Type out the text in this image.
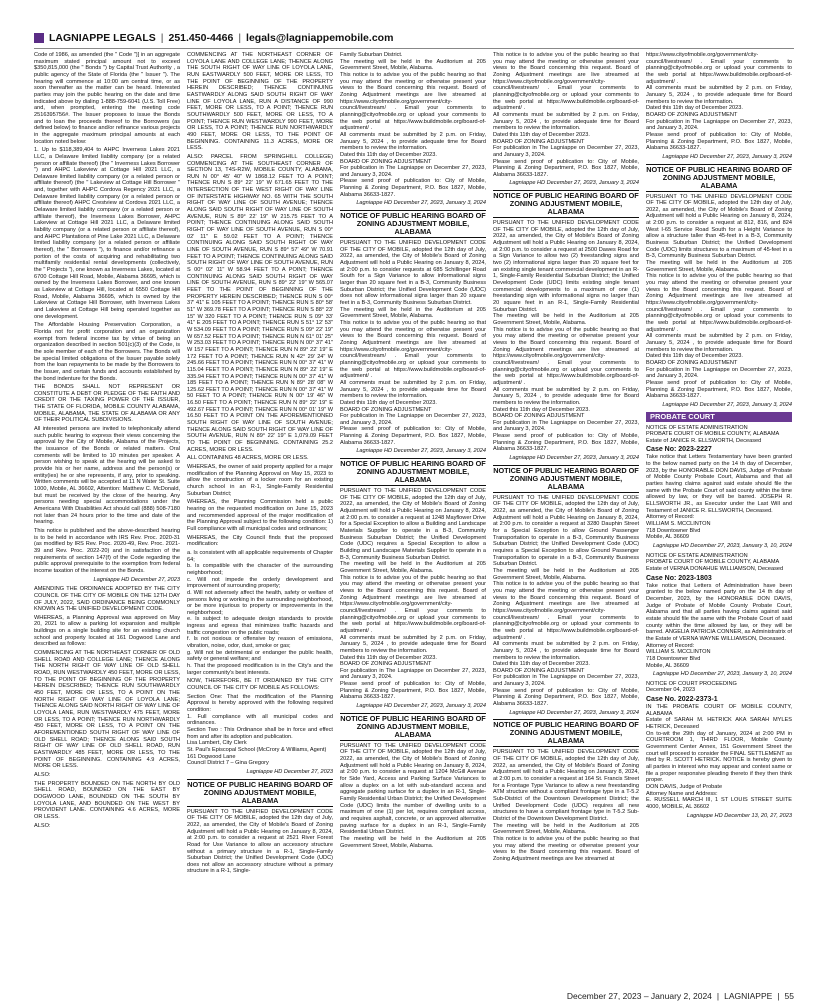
LAGNIAPPE LEGALS | 251.450-4466 | legals@lagniappemobile.com

Code of 1986, as amended (the " Code ")] in an aggregate maximum stated principal amount not to exceed $350,815,000 (the " Bonds ") by Capital Trust Authority , a public agency of the State of Florida (the " Issuer "). The hearing will commence at 10:00 am central time, or as soon thereafter as the matter can be heard. Interested parties may join the public hearing on the date and time indicated above by dialing 1-888-759-6041 (U.S. Toll Free) and, when prompted, entering the meeting code 2516395756#. The Issuer proposes to issue the Bonds and to loan the proceeds thereof to the Borrowers (as defined below) to finance and/or refinance various projects in the aggregate maximum principal amounts at each location noted below:

1. Up to $118,389,404 to AHPC Inverness Lakes 2021 LLC, a Delaware limited liability company (or a related person or affiliate thereof) (the " Inverness Lakes Borrower ") and AHPC Lakeview at Cottage Hill 2021 LLC, a Delaware limited liability company (or a related person or affiliate thereof) (the " Lakeview at Cottage Hill Borrower " and, together with AHPC Cordova Regency 2021 LLC, a Delaware limited liability company (or a related person or affiliate thereof) AHPC Crestview at Cordova 2021 LLC, a Delaware limited liability company (or a related person or affiliate thereof), the Inverness Lakes Borrower, AHPC Lakeview at Cottage Hill 2021 LLC, a Delaware limited liability company (or a related person or affiliate thereof), and AHPC Plantations of Pine Lake 2021 LLC, a Delaware limited liability company (or a related person or affiliate thereof), the " Borrowers "), to finance and/or refinance a portion of the costs of acquiring and rehabilitating two multifamily residential rental developments (collectively, the " Projects "), one known as Inverness Lakes, located at 6700 Cottage Hill Road, Mobile, Alabama 36695, which is owned by the Inverness Lakes Borrower, and one known as Lakeview at Cottage Hill, located at 6550 Cottage Hill Road, Mobile, Alabama 36695, which is owned by the Lakeview at Cottage Hill Borrower, with Inverness Lakes and Lakeview at Cottage Hill being operated together as one development.

The Affordable Housing Preservation Corporation, a Florida not for profit corporation and an organization exempt from federal income tax by virtue of being an organization described in section 501(c)(3) of the Code, is the sole member of each of the Borrowers. The Bonds will be special limited obligations of the Issuer payable solely from the loan repayments to be made by the Borrowers to the Issuer, and certain funds and accounts established by the bond indenture for the Bonds.

THE BONDS SHALL NOT REPRESENT OR CONSTITUTE A DEBT OR PLEDGE OF THE FAITH AND CREDIT OR THE TAXING POWER OF THE ISSUER, THE STATE OF FLORIDA, MOBILE COUNTY ALABAMA, MOBILE, ALABAMA, THE STATE OF ALABAMA OR ANY OF THEIR POLITICAL SUBDIVISIONS.

All interested persons are invited to telephonically attend such public hearing to express their views concerning the approval by the City of Mobile, Alabama of the Projects, the issuance of the Bonds or related matters. Oral comments will be limited to 10 minutes per speaker. A person wishing to speak at the hearing will be asked to provide his or her name, address and the person(s) or entity(ies) he or she represents, if any, prior to speaking. Written comments will be accepted at 11 N Water St. Suite 1000, Mobile, AL 36602, Attention: Matthew C. McDonald, but must be received by the close of the hearing. Any persons needing special accommodations under the Americans With Disabilities Act should call (888) 508-7180 not later than 24 hours prior to the time and date of the hearing.

This notice is published and the above-described hearing is to be held in accordance with IRS Rev. Proc. 2020-31 (as modified by IRS Rev. Proc. 2020-49, Rev. Proc. 2021-39 and Rev. Proc. 2022-20) and in satisfaction of the requirements of section 147(f) of the Code regarding the public approval prerequisite to the exemption from federal income taxation of the interest on the Bonds.

Lagniappe HD December 27, 2023

AMENDING THE ORDINANCE ADOPTED BY THE CITY COUNCIL OF THE CITY OF MOBILE ON THE 12TH DAY OF JULY, 2022, SAID ORDINANCE BEING COMMONLY KNOWN AS THE UNIFIED DEVELOPMENT CODE.

WHEREAS, a Planning Approval was approved on May 20, 2021 to allow a parking lot expansion and multiple buildings on a single building site for an existing church school and property located at 161 Dogwood Lane and described as follows:

COMMENCING AT THE NORTHEAST CORNER OF OLD SHELL ROAD AND COLLEGE LANE; THENCE ALONG THE NORTH RIGHT OF WAY LINE OF OLD SHELL ROAD, RUN WESTWARDLY 450 FEET, MORE OR LESS, TO THE POINT OF BEGINNING OF THE PROPERTY HEREIN DESCRIBED; THENCE RUN SOUTHWARDLY 450 FEET, MORE OR LESS, TO A POINT ON THE NORTH RIGHT OF WAY LINE OF LOYOLA LANE; THENCE ALONG SAID NORTH RIGHT OF WAY LINE OF LOYOLA LANE, RUN WESTWARDLY 475 FEET, MORE OR LESS, TO A POINT; THENCE RUN NORTHWARDLY 450 FEET, MORE OR LESS, TO A POINT ON THE AFOREMENTIONED SOUTH RIGHT OF WAY LINE OF OLD SHELL ROAD; THENCE ALONG SAID SOUTH RIGHT OF WAY LINE OF OLD SHELL ROAD, RUN EASTWARDLY 485 FEET, MORE OR LESS, TO THE POINT OF BEGINNING. CONTAINING 4.9 ACRES, MORE OR LESS.

ALSO:

THE PROPERTY BOUNDED ON THE NORTH BY OLD SHELL ROAD, BOUNDED ON THE EAST BY DOGWOOD LANE, BOUNDED ON THE SOUTH BY LOYOLA LANE, AND BOUNDED ON THE WEST BY PROVIDENT LANE. CONTAINING 4.6 ACRES, MORE OR LESS.

ALSO:

COMMENCING AT THE NORTHEAST CORNER OF LOYOLA LANE AND COLLEGE LANE; THENCE ALONG THE SOUTH RIGHT OF WAY LINE OF LOYOLA LANE, RUN EASTWARDLY 500 FEET, MORE OR LESS, TO THE POINT OF BEGINNING OF THE PROPERTY HEREIN DESCRIBED; THENCE CONTINUING EASTWARDLY ALONG SAID SOUTH RIGHT OF WAY LINE OF LOYOLA LANE, RUN A DISTANCE OF 990 FEET, MORE OR LESS, TO A POINT; THENCE RUN SOUTHWARDLY 500 FEET, MORE OR LESS, TO A POINT; THENCE RUN WESTWARDLY 990 FEET, MORE OR LESS, TO A POINT; THENCE RUN NORTHWARDLY 490 FEET, MORE OR LESS, TO THE POINT OF BEGINNING. CONTAINING 11.3 ACRES, MORE OR LESS.

ALSO: PARCEL FROM SPRINGHILL COLLEGE) COMMENCING AT THE SOUTHEAST CORNER OF SECTION 13, T4S-R2W, MOBILE COUNTY, ALABAMA, RUN N 00° 45' 40" W 1868.12 FEET TO A POINT; THENCE RUN S 89° 22' 19" W 671.65 FEET TO THE INTERSECTION OF THE WEST RIGHT OF WAY LINE OF INTERSTATE HIGHWAY NO. 65 WITH THE SOUTH RIGHT OF WAY LINE OF SOUTH AVENUE; THENCE ALONG SAID SOUTH RIGHT OF WAY LINE OF SOUTH AVENUE, RUN S 89° 22' 19" W 215.75 FEET TO A POINT; THENCE CONTINUING ALONG SAID SOUTH RIGHT OF WAY LINE OF SOUTH AVENUE, RUN S 00° 02' 11" E 59.02 FEET TO A POINT; THENCE CONTINUING ALONG SAID SOUTH RIGHT OF WAY LINE OF SOUTH AVENUE, RUN S 89° 57' 49" W 70.91 FEET TO A POINT; THENCE CONTINUING ALONG SAID SOUTH RIGHT OF WAY LINE OF SOUTH AVENUE, RUN S 00° 02' 11" W 58.94 FEET TO A POINT; THENCE CONTINUING ALONG SAID SOUTH RIGHT OF WAY LINE OF SOUTH AVENUE, RUN S 89° 22' 19" W 565.07 FEET TO THE POINT OF BEGINNING OF THE PROPERTY HEREIN DESCRIBED; THENCE RUN S 00° 37' 41" E 105 FEET TO A POINT; THENCE RUN S 80° 58' 51" W 369.78 FEET TO A POINT; THENCE RUN S 88° 23' 15" W 320 FEET TO A POINT; THENCE RUN S 09° 33' 41" E 205 FEET TO A POINT; THENCE RUN S 51° 12' 53" W 534.09 FEET TO A POINT; THENCE RUN S 09° 22' 19" W 657.52 FEET TO A POINT; THENCE RUN N 61° 01' 25" W 253.03 FEET TO A POINT; THENCE RUN N 00° 37' 41" W 157 FEET TO A POINT; THENCE RUN N 89° 22' 19" E 172 FEET TO A POINT; THENCE RUN N 42° 29' 24" W 245.66 FEET TO A POINT; THENCE RUN N 00° 37' 41" W 115.04 FEET TO A POINT; THENCE RUN N 89° 22' 19" E 335.94 FEET TO A POINT; THENCE RUN N 00° 37' 41" W 185 FEET TO A POINT; THENCE RUN N 89° 28' 08" W 125.62 FEET TO A POINT; THENCE RUN N 00° 37' 41" W 50 FEET TO A POINT; THENCE RUN N 00° 19' 46" W 16.50 FEET TO A POINT; THENCE RUN N 89° 22' 19" E 492.67 FEET TO A POINT; THENCE RUN N 00° 01' 19" W 16.50 FEET TO A POINT ON THE AFOREMENTIONED SOUTH RIGHT OF WAY LINE OF SOUTH AVENUE; THENCE ALONG SAID SOUTH RIGHT OF WAY LINE OF SOUTH AVENUE, RUN N 89° 22' 19" E 1,079.09 FEET TO THE POINT OF BEGINNING. CONTAINING 25.2 ACRES, MORE OR LESS.

ALL CONTAINING 48 ACRES, MORE OR LESS.

WHEREAS, the owner of said property applied for a major modification of the Planning Approval on May 15, 2023 to allow the construction of a locker room for an existing church school in an R-1, Single-Family Residential Suburban District;

WHEREAS, the Planning Commission held a public hearing on the requested modification on June 15, 2023 and recommended approval of the major modification of the Planning Approval subject to the following condition: 1) Full compliance with all municipal codes and ordinances;

WHEREAS, the City Council finds that the proposed modification:

a. Is consistent with all applicable requirements of Chapter 64;
b. Is compatible with the character of the surrounding neighborhood;
c. Will not impede the orderly development and improvement of surrounding property;
d. Will not adversely affect the health, safety or welfare of persons living or working in the surrounding neighborhood, or be more injurious to property or improvements in the neighborhood;
e. Is subject to adequate design standards to provide ingress and egress that minimizes traffic hazards and traffic congestion on the public roads;
f. Is not noxious or offensive by reason of emissions, vibration, noise, odor, dust, smoke or gas;
g. Will not be detrimental or endanger the public health, safety or general welfare; and
h. That the proposed modification is in the City's and the larger community's best interests.

NOW, THEREFORE, BE IT ORDAINED BY THE CITY COUNCIL OF THE CITY OF MOBILE AS FOLLOWS:

Section One: That the modification of the Planning Approval is hereby approved with the following required condition:
1. Full compliance with all municipal codes and ordinances.
Section Two : This Ordinance shall be in force and effect from and after its adoption and publication.
Lisa Lambert, City Clerk
St. Paul's Episcopal School (McCrory & Williams, Agent)
161 Dogwood Lane
Council District 7 – Gina Gregory

Lagniappe HD December 27, 2023

NOTICE OF PUBLIC HEARING BOARD OF ZONING ADJUSTMENT MOBILE, ALABAMA

PURSUANT TO THE UNIFIED DEVELOPMENT CODE OF THE CITY OF MOBILE, adopted the 12th day of July, 2022, as amended, the City of Mobile's Board of Zoning Adjustment will hold a Public Hearing on January 8, 2024, at 2:00 p.m. to consider a request at 2521 River Forest Road for Use Variance to allow an accessory structure without a primary structure in a R-1, Single-Family Suburban District; the Unified Development Code (UDC) does not allow an accessory structure without a primary structure in a R-1, Single-

Family Suburban District.
The meeting will be held in the Auditorium at 205 Government Street, Mobile, Alabama.
This notice is to advise you of the public hearing so that you may attend the meeting or otherwise present your views to the Board concerning this request. Board of Zoning Adjustment meetings are live streamed at https://www.cityofmobile.org/government/city-council/livestream/ . Email your comments to planning@cityofmobile.org or upload your comments to the web portal at https://www.buildmobile.org/board-of-adjustment/ .
All comments must be submitted by 2 p.m. on Friday, January 5, 2024 , to provide adequate time for Board members to review the information.
Dated this 11th day of December 2023.
BOARD OF ZONING ADJUSTMENT
For publication in The Lagniappe on December 27, 2023, and January 3, 2024.
Please send proof of publication to: City of Mobile, Planning & Zoning Department, P.O. Box 1827, Mobile, Alabama 36633-1827.

Lagniappe HD December 27, 2023, January 3, 2024

NOTICE OF PUBLIC HEARING BOARD OF ZONING ADJUSTMENT MOBILE, ALABAMA

PURSUANT TO THE UNIFIED DEVELOPMENT CODE OF THE CITY OF MOBILE, adopted the 12th day of July, 2022, as amended, the City of Mobile's Board of Zoning Adjustment will hold a Public Hearing on January 8, 2024, at 2:00 p.m. to consider requests at 685 Schillinger Road South for a Sign Variance to allow informational signs larger than 20 square feet in a B-3, Community Business Suburban District; the Unified Development Code (UDC) does not allow informational signs larger than 20 square feet in a B-3, Community Business Suburban District.
The meeting will be held in the Auditorium at 205 Government Street, Mobile, Alabama.
This notice is to advise you of the public hearing so that you may attend the meeting or otherwise present your views to the Board concerning this request. Board of Zoning Adjustment meetings are live streamed at https://www.cityofmobile.org/government/city-council/livestream/ . Email your comments to planning@cityofmobile.org or upload your comments to the web portal at https://www.buildmobile.org/board-of-adjustment/ .
All comments must be submitted by 2 p.m. on Friday, January 5, 2024 , to provide adequate time for Board members to review the information.
Dated this 11th day of December 2023.
BOARD OF ZONING ADJUSTMENT
For publication in The Lagniappe on December 27, 2023, and January 3, 2024.
Please send proof of publication to: City of Mobile, Planning & Zoning Department, P.O. Box 1827, Mobile, Alabama 36633-1827.

Lagniappe HD December 27, 2023, January 3, 2024

NOTICE OF PUBLIC HEARING BOARD OF ZONING ADJUSTMENT MOBILE, ALABAMA

PURSUANT TO THE UNIFIED DEVELOPMENT CODE OF THE CITY OF MOBILE, adopted the 12th day of July, 2022, as amended, the City of Mobile's Board of Zoning Adjustment will hold a Public Hearing on January 8, 2024, at 2:00 p.m. to consider a request at 1248 Mayflower Drive for a Special Exception to allow a Building and Landscape Materials Supplier to operate in a B-3, Community Business Suburban District; the Unified Development Code (UDC) requires a Special Exception to allow a Building and Landscape Materials Supplier to operate in a B-3, Community Business Suburban District.
The meeting will be held in the Auditorium at 205 Government Street, Mobile, Alabama.
This notice is to advise you of the public hearing so that you may attend the meeting or otherwise present your views to the Board concerning this request. Board of Zoning Adjustment meetings are live streamed at https://www.cityofmobile.org/government/city-council/livestream/ . Email your comments to planning@cityofmobile.org or upload your comments to the web portal at https://www.buildmobile.org/board-of-adjustment/ .
All comments must be submitted by 2 p.m. on Friday, January 5, 2024 , to provide adequate time for Board members to review the information.
Dated this 11th day of December 2023.
BOARD OF ZONING ADJUSTMENT
For publication in The Lagniappe on December 27, 2023, and January 3, 2024.
Please send proof of publication to: City of Mobile, Planning & Zoning Department, P.O. Box 1827, Mobile, Alabama 36633-1827.

Lagniappe HD December 27, 2023, January 3, 2024

NOTICE OF PUBLIC HEARING BOARD OF ZONING ADJUSTMENT MOBILE, ALABAMA

PURSUANT TO THE UNIFIED DEVELOPMENT CODE OF THE CITY OF MOBILE, adopted the 12th day of July, 2022, as amended, the City of Mobile's Board of Zoning Adjustment will hold a Public Hearing on January 8, 2024, at 2:00 p.m. to consider a request at 1204 McGill Avenue for Side Yard, Access and Parking Surface Variances to allow a duplex on a lot with sub-standard access and aggregate parking surface for a duplex in an R-1, Single-Family Residential Urban District; the Unified Development Code (UDC) limits the number of dwelling units to a maximum of one (1) per lot, requires compliant access, and requires asphalt, concrete, or an approved alternative paving surface for a duplex in an R-1, Single-Family Residential Urban District.
The meeting will be held in the Auditorium at 205 Government Street, Mobile, Alabama.

This notice is to advise you of the public hearing so that you may attend the meeting or otherwise present your views to the Board concerning this request. Board of Zoning Adjustment meetings are live streamed at https://www.cityofmobile.org/government/city-council/livestream/ . Email your comments to planning@cityofmobile.org or upload your comments to the web portal at https://www.buildmobile.org/board-of-adjustment/ .
All comments must be submitted by 2 p.m. on Friday, January 5, 2024 , to provide adequate time for Board members to review the information.
Dated this 11th day of December 2023.
BOARD OF ZONING ADJUSTMENT
For publication in The Lagniappe on December 27, 2023, and January 3, 2024.
Please send proof of publication to: City of Mobile, Planning & Zoning Department, P.O. Box 1827, Mobile, Alabama 36633-1827.

Lagniappe HD December 27, 2023, January 3, 2024

NOTICE OF PUBLIC HEARING BOARD OF ZONING ADJUSTMENT MOBILE, ALABAMA

PURSUANT TO THE UNIFIED DEVELOPMENT CODE OF THE CITY OF MOBILE, adopted the 12th day of July, 2022, as amended, the City of Mobile's Board of Zoning Adjustment will hold a Public Hearing on January 8, 2024, at 2:00 p.m. to consider a request at 2500 Dawes Road for a Sign Variance to allow two (2) freestanding signs and two (2) informational signs larger than 20 square feet for an existing single tenant commercial development in an R-1, Single-Family Residential Suburban District; the Unified Development Code (UDC) limits existing single tenant commercial developments to a maximum of one (1) freestanding sign with informational signs no larger than 20 square feet in an R-1, Single-Family Residential Suburban District.
The meeting will be held in the Auditorium at 205 Government Street, Mobile, Alabama.
This notice is to advise you of the public hearing so that you may attend the meeting or otherwise present your views to the Board concerning this request. Board of Zoning Adjustment meetings are live streamed at https://www.cityofmobile.org/government/city-council/livestream/ . Email your comments to planning@cityofmobile.org or upload your comments to the web portal at https://www.buildmobile.org/board-of-adjustment/ .
All comments must be submitted by 2 p.m. on Friday, January 5, 2024 , to provide adequate time for Board members to review the information.
Dated this 11th day of December 2023.
BOARD OF ZONING ADJUSTMENT
For publication in The Lagniappe on December 27, 2023, and January 3, 2024.
Please send proof of publication to: City of Mobile, Planning & Zoning Department, P.O. Box 1827, Mobile, Alabama 36633-1827.

Lagniappe HD December 27, 2023, January 3, 2024

NOTICE OF PUBLIC HEARING BOARD OF ZONING ADJUSTMENT MOBILE, ALABAMA

PURSUANT TO THE UNIFIED DEVELOPMENT CODE OF THE CITY OF MOBILE, adopted the 12th day of July, 2022, as amended, the City of Mobile's Board of Zoning Adjustment will hold a Public Hearing on January 8, 2024, at 2:00 p.m. to consider a request at 3280 Dauphin Street for a Special Exception to allow Ground Passenger Transportation to operate in a B-3, Community Business Suburban District; the Unified Development Code (UDC) requires a Special Exception to allow Ground Passenger Transportation to operate in a B-3, Community Business Suburban District.
The meeting will be held in the Auditorium at 205 Government Street, Mobile, Alabama.
This notice is to advise you of the public hearing so that you may attend the meeting or otherwise present your views to the Board concerning this request. Board of Zoning Adjustment meetings are live streamed at https://www.cityofmobile.org/government/city-council/livestream/ . Email your comments to planning@cityofmobile.org or upload your comments to the web portal at https://www.buildmobile.org/board-of-adjustment/ .
All comments must be submitted by 2 p.m. on Friday, January 5, 2024 , to provide adequate time for Board members to review the information.
Dated this 11th day of December 2023.
BOARD OF ZONING ADJUSTMENT
For publication in The Lagniappe on December 27, 2023, and January 3, 2024.
Please send proof of publication to: City of Mobile, Planning & Zoning Department, P.O. Box 1827, Mobile, Alabama 36633-1827.

Lagniappe HD December 27, 2023, January 3, 2024

NOTICE OF PUBLIC HEARING BOARD OF ZONING ADJUSTMENT MOBILE, ALABAMA

PURSUANT TO THE UNIFIED DEVELOPMENT CODE OF THE CITY OF MOBILE, adopted the 12th day of July, 2022, as amended, the City of Mobile's Board of Zoning Adjustment will hold a Public Hearing on January 8, 2024, at 2:00 p.m. to consider a request at 164 St. Francis Street for a Frontage Type Variance to allow a new freestanding ATM structure without a compliant frontage type in a T-5.2 Sub-District of the Downtown Development District; the Unified Development Code (UDC) requires all new structures to have a compliant frontage type in T-5.2 Sub-District of the Downtown Development District.
The meeting will be held in the Auditorium at 205 Government Street, Mobile, Alabama.
This notice is to advise you of the public hearing so that you may attend the meeting or otherwise present your views to the Board concerning this request. Board of Zoning Adjustment meetings are live streamed at

https://www.cityofmobile.org/government/city-council/livestream/ . Email your comments to planning@cityofmobile.org or upload your comments to the web portal at https://www.buildmobile.org/board-of-adjustment/ .
All comments must be submitted by 2 p.m. on Friday, January 5, 2024 , to provide adequate time for Board members to review the information.
Dated this 11th day of December 2023.
BOARD OF ZONING ADJUSTMENT
For publication in The Lagniappe on December 27, 2023, and January 3, 2024.
Please send proof of publication to: City of Mobile, Planning & Zoning Department, P.O. Box 1827, Mobile, Alabama 36633-1827.

Lagniappe HD December 27, 2023, January 3, 2024

NOTICE OF PUBLIC HEARING BOARD OF ZONING ADJUSTMENT MOBILE, ALABAMA

PURSUANT TO THE UNIFIED DEVELOPMENT CODE OF THE CITY OF MOBILE, adopted the 12th day of July, 2022, as amended, the City of Mobile's Board of Zoning Adjustment will hold a Public Hearing on January 8, 2024, at 2:00 p.m. to consider a request at 812, 816, and 824 West I-65 Service Road South for a Height Variance to allow a structure taller than 45-feet in a B-3, Community Business Suburban District; the Unified Development Code (UDC) limits structures to a maximum of 45-feet in a B-3, Community Business Suburban District.
The meeting will be held in the Auditorium at 205 Government Street, Mobile, Alabama.
This notice is to advise you of the public hearing so that you may attend the meeting or otherwise present your views to the Board concerning this request. Board of Zoning Adjustment meetings are live streamed at https://www.cityofmobile.org/government/city-council/livestream/ . Email your comments to planning@cityofmobile.org or upload your comments to the web portal at https://www.buildmobile.org/board-of-adjustment/ .
All comments must be submitted by 2 p.m. on Friday, January 5, 2024 , to provide adequate time for Board members to review the information.
Dated this 11th day of December 2023.
BOARD OF ZONING ADJUSTMENT
For publication in The Lagniappe on December 27, 2023, and January 3, 2024.
Please send proof of publication to: City of Mobile, Planning & Zoning Department, P.O. Box 1827, Mobile, Alabama 36633-1827.

Lagniappe HD December 27, 2023, January 3, 2024

PROBATE COURT

NOTICE OF ESTATE ADMINISTRATION
PROBATE COURT OF MOBILE COUNTY, ALABAMA
Estate of JANICE R. ELLSWORTH, Deceased

Case No: 2023-2227

Take notice that Letters Testamentary have been granted to the below named party on the 14 th day of December, 2023, by the HONORABLE DON DAVIS, Judge of Probate of Mobile County Probate Court, Alabama and that all parties having claims against said estate should file the same with the Probate Court of said county within the time allowed by law, or they will be barred. JOSEPH R. ELLSWORTH JR., as Executor under the Last Will and Testament of JANICE R. ELLSWORTH, Deceased.
Attorney of Record:
WILLIAM S. MCCLINTON
718 Downtowner Blvd
Mobile, AL 36609

Lagniappe HD December 27, 2023, January 3, 10, 2024

NOTICE OF ESTATE ADMINISTRATION
PROBATE COURT OF MOBILE COUNTY, ALABAMA
Estate of VERNA DONAHUE WILLIAMSON, Deceased

Case No: 2023-1803

Take notice that Letters of Administration have been granted to the below named party on the 14 th day of December, 2023, by the HONORABLE DON DAVIS, Judge of Probate of Mobile County Probate Court, Alabama and that all parties having claims against said estate should file the same with the Probate Court of said county within the time allowed by law, or they will be barred. ANGELIA PATRICIA CONNER, as Administratrix of the Estate of VERNA WAYNE WILLIAMSON, Deceased.
Attorney of Record:
WILLIAM S. MCCLINTON
718 Downtowner Blvd
Mobile, AL 36609

Lagniappe HD December 27, 2023, January 3, 10, 2024

NOTICE OF COURT PROCEEDING
December 04, 2023

Case No. 2022-2373-1

IN THE PROBATE COURT OF MOBILE COUNTY, ALABAMA
Estate of SARAH M. HETRICK AKA SARAH MYLES HETRICK, Deceased
On to-wit the 29th day of January, 2024 at 2:00 PM in COURTROOM 1, THIRD FLOOR, Mobile County Government Center Annex, 151 Government Street the court will proceed to consider the FINAL SETTLEMENT as filed by R. SCOTT HETRICK. NOTICE is hereby given to all parties in interest who may appear and contest same or file a proper responsive pleading thereto if they then think proper.
DON DAVIS, Judge of Probate
Attorney Name and Address:
E. RUSSELL MARCH III, 1 ST LOUIS STREET SUITE 4000, MOBILE, AL 36602

Lagniappe HD December 13, 20, 27, 2023

December 27, 2023 – January 2, 2024 | LAGNIAPPE | 55
